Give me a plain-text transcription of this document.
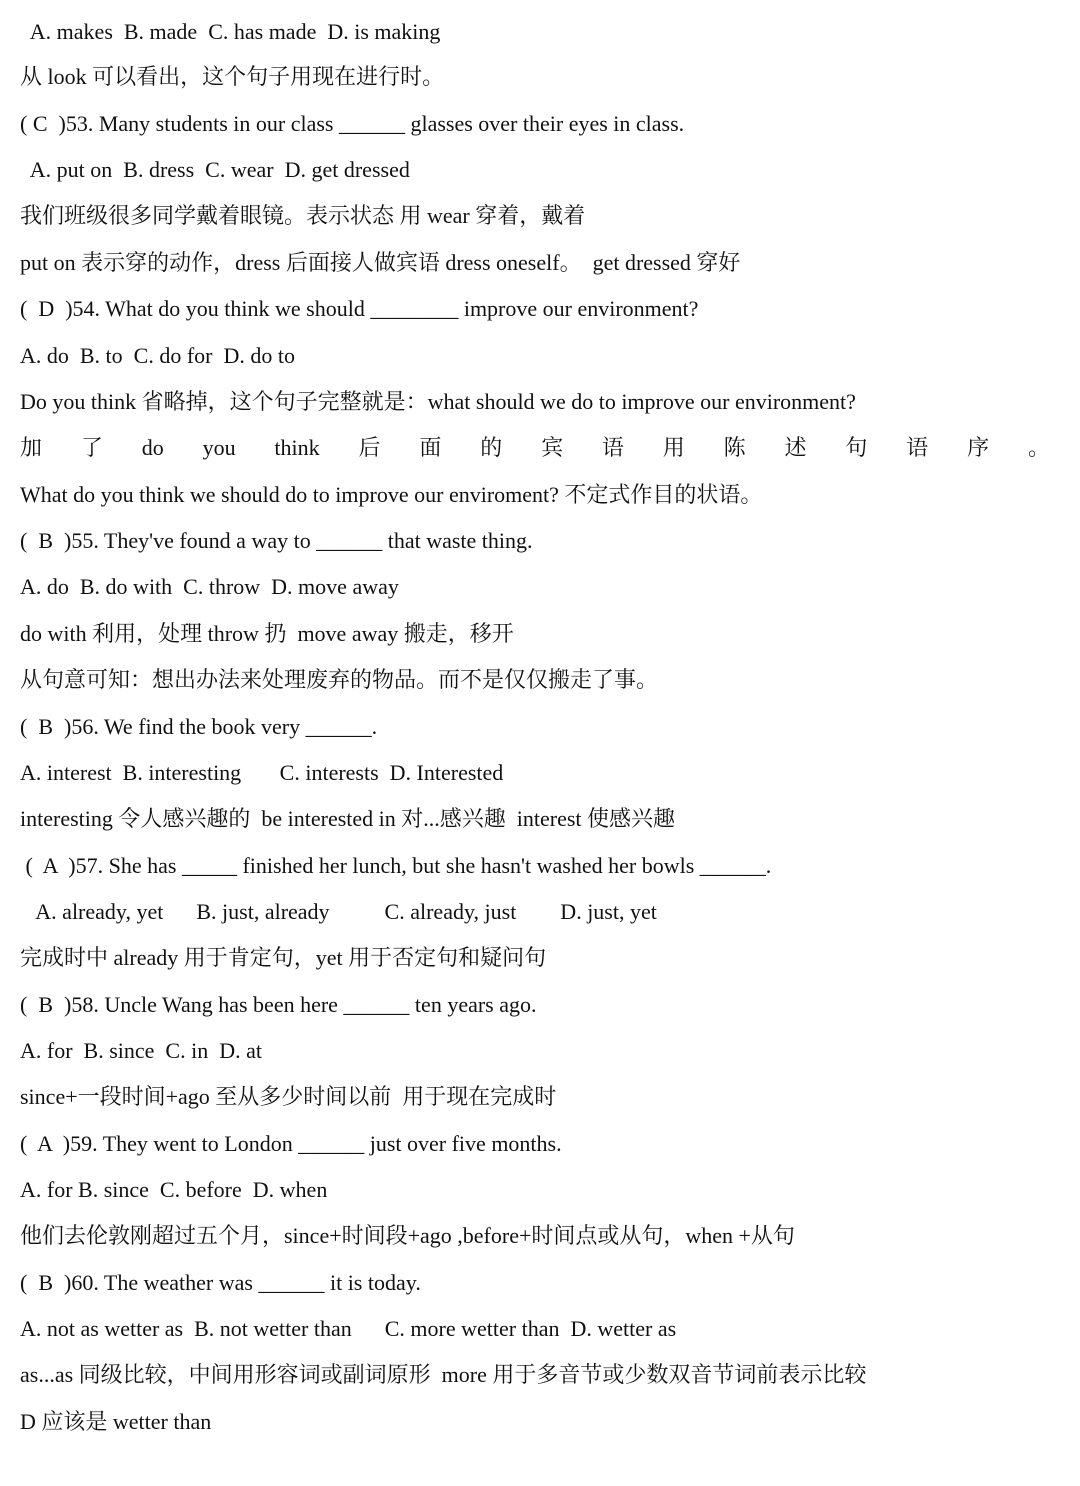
A. makes  B. made  C. has made  D. is making
从 look 可以看出，这个句子用现在进行时。
( C  )53. Many students in our class ______ glasses over their eyes in class.
A. put on  B. dress  C. wear  D. get dressed
我们班级很多同学戴着眼镜。表示状态 用 wear 穿着，戴着
put on 表示穿的动作，dress 后面接人做宾语 dress oneself。  get dressed 穿好
(  D  )54. What do you think we should ________ improve our environment?
A. do  B. to  C. do for  D. do to
Do you think 省略掉，这个句子完整就是：what should we do to improve our environment?
加 了 do you think 后 面 的 宾 语 用 陈 述 句 语 序 。
What do you think we should do to improve our enviroment? 不定式作目的状语。
(  B  )55. They've found a way to ______ that waste thing.
A. do  B. do with  C. throw  D. move away
do with 利用，处理 throw 扔  move away 搬走，移开
从句意可知：想出办法来处理废弃的物品。而不是仅仅搬走了事。
(  B  )56. We find the book very ______.
A. interest  B. interesting       C. interests  D. Interested
interesting 令人感兴趣的  be interested in 对...感兴趣  interest 使感兴趣
(  A  )57. She has _____ finished her lunch, but she hasn't washed her bowls ______.
A. already, yet      B. just, already          C. already, just        D. just, yet
完成时中 already 用于肯定句，yet 用于否定句和疑问句
(  B  )58. Uncle Wang has been here ______ ten years ago.
A. for  B. since  C. in  D. at
since+一段时间+ago 至从多少时间以前  用于现在完成时
(  A  )59. They went to London ______ just over five months.
A. for B. since  C. before  D. when
他们去伦敦刚超过五个月，since+时间段+ago ,before+时间点或从句，when +从句
(  B  )60. The weather was ______ it is today.
A. not as wetter as  B. not wetter than      C. more wetter than  D. wetter as
as...as 同级比较，中间用形容词或副词原形  more 用于多音节或少数双音节词前表示比较
D 应该是 wetter than
